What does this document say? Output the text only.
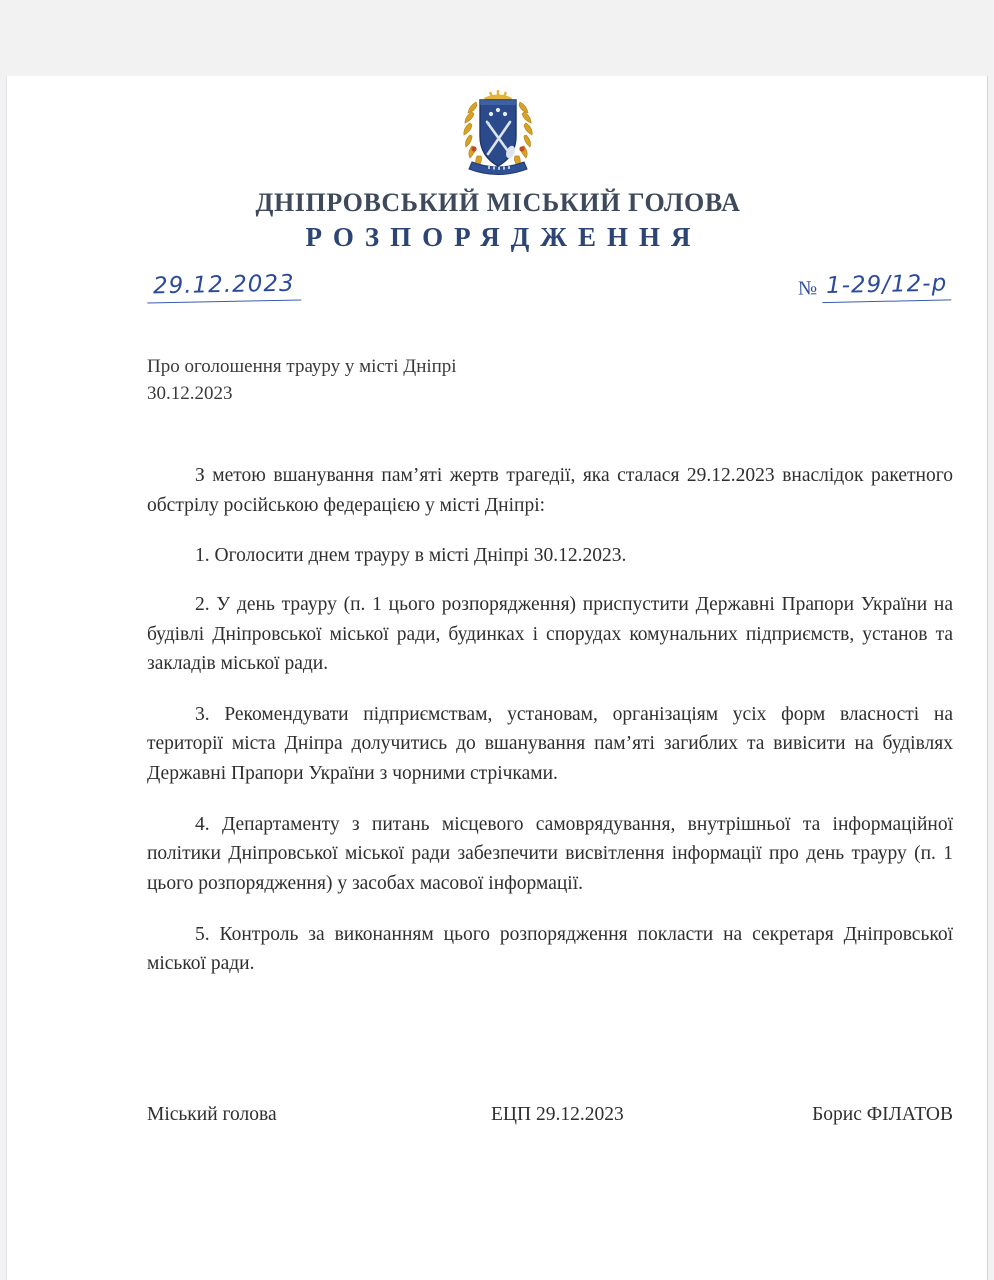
ДНІПРОВСЬКИЙ МІСЬКИЙ ГОЛОВА
РОЗПОРЯДЖЕННЯ
29.12.2023	№ 1-29/12-р
Про оголошення трауру у місті Дніпрі 30.12.2023

З метою вшанування пам’яті жертв трагедії, яка сталася 29.12.2023 внаслідок ракетного обстрілу російською федерацією у місті Дніпрі:

1. Оголосити днем трауру в місті Дніпрі 30.12.2023.

2. У день трауру (п. 1 цього розпорядження) приспустити Державні Прапори України на будівлі Дніпровської міської ради, будинках і спорудах комунальних підприємств, установ та закладів міської ради.

3. Рекомендувати підприємствам, установам, організаціям усіх форм власності на території міста Дніпра долучитись до вшанування пам’яті загиблих та вивісити на будівлях Державні Прапори України з чорними стрічками.

4. Департаменту з питань місцевого самоврядування, внутрішньої та інформаційної політики Дніпровської міської ради забезпечити висвітлення інформації про день трауру (п. 1 цього розпорядження) у засобах масової інформації.

5. Контроль за виконанням цього розпорядження покласти на секретаря Дніпровської міської ради.

Міський голова	ЕЦП 29.12.2023	Борис ФІЛАТОВ
